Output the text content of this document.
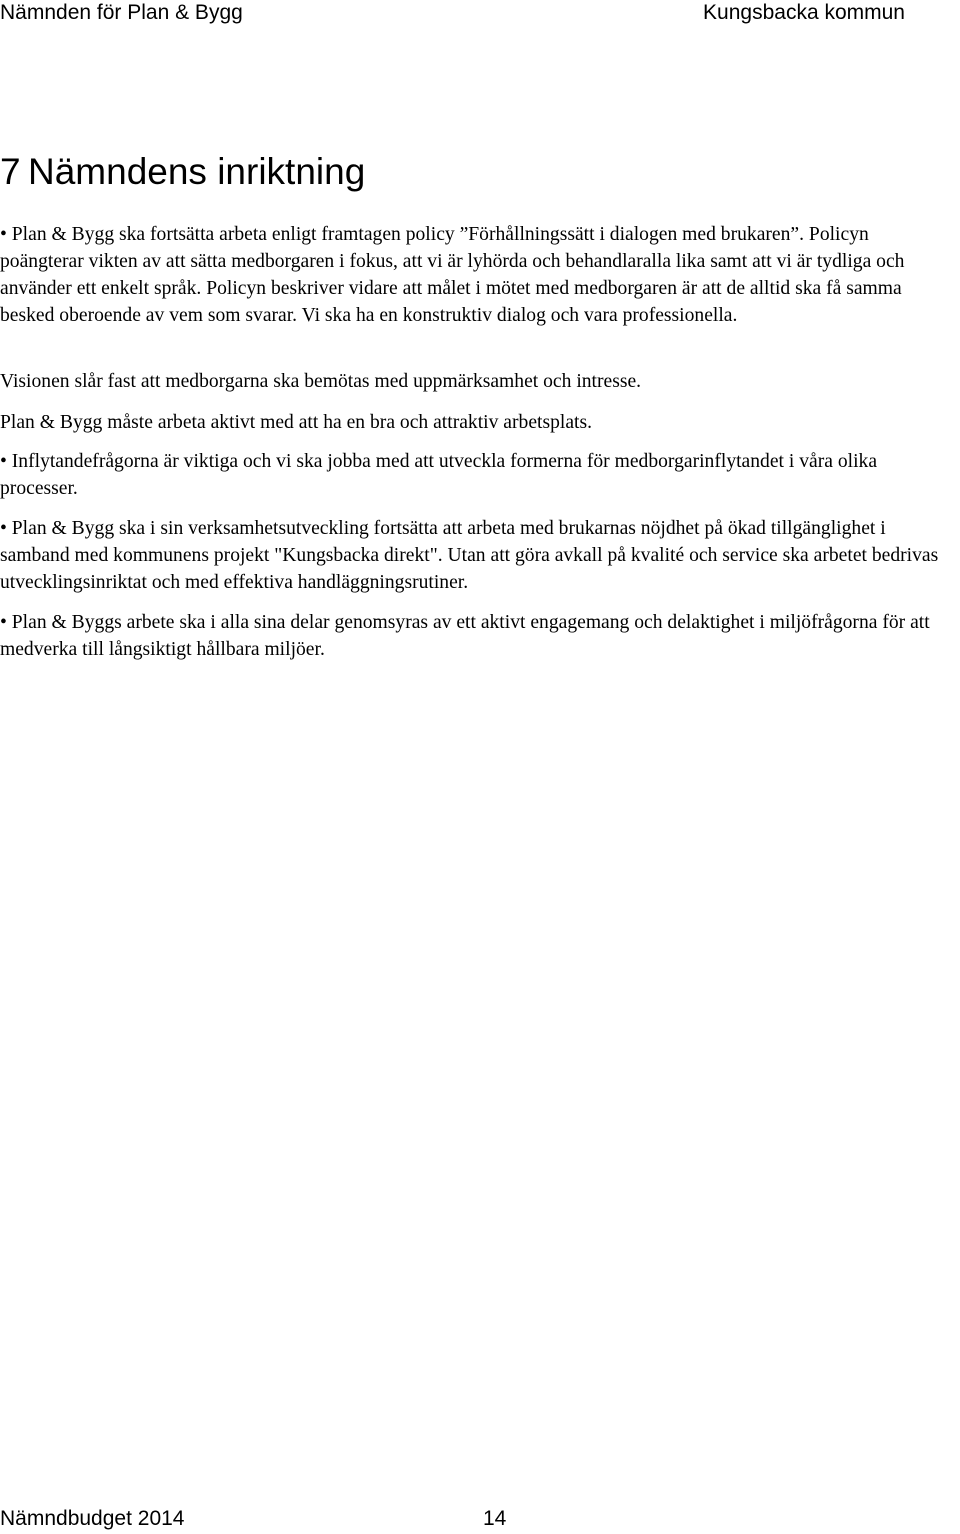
Nämnden för Plan & Bygg	Kungsbacka kommun
7 Nämndens inriktning

• Plan & Bygg ska fortsätta arbeta enligt framtagen policy ”Förhållningssätt i dialogen med brukaren”. Policyn poängterar vikten av att sätta medborgaren i fokus, att vi är lyhörda och behandlaralla lika samt att vi är tydliga och använder ett enkelt språk. Policyn beskriver vidare att målet i mötet med medborgaren är att de alltid ska få samma besked oberoende av vem som svarar. Vi ska ha en konstruktiv dialog och vara professionella.

Visionen slår fast att medborgarna ska bemötas med uppmärksamhet och intresse.

Plan & Bygg måste arbeta aktivt med att ha en bra och attraktiv arbetsplats.

• Inflytandefrågorna är viktiga och vi ska jobba med att utveckla formerna för medborgarinflytandet i våra olika processer.

• Plan & Bygg ska i sin verksamhetsutveckling fortsätta att arbeta med brukarnas nöjdhet på ökad tillgänglighet i samband med kommunens projekt "Kungsbacka direkt". Utan att göra avkall på kvalité och service ska arbetet bedrivas utvecklingsinriktat och med effektiva handläggningsrutiner.

• Plan & Byggs arbete ska i alla sina delar genomsyras av ett aktivt engagemang och delaktighet i miljöfrågorna för att medverka till långsiktigt hållbara miljöer.

Nämndbudget 2014	14
